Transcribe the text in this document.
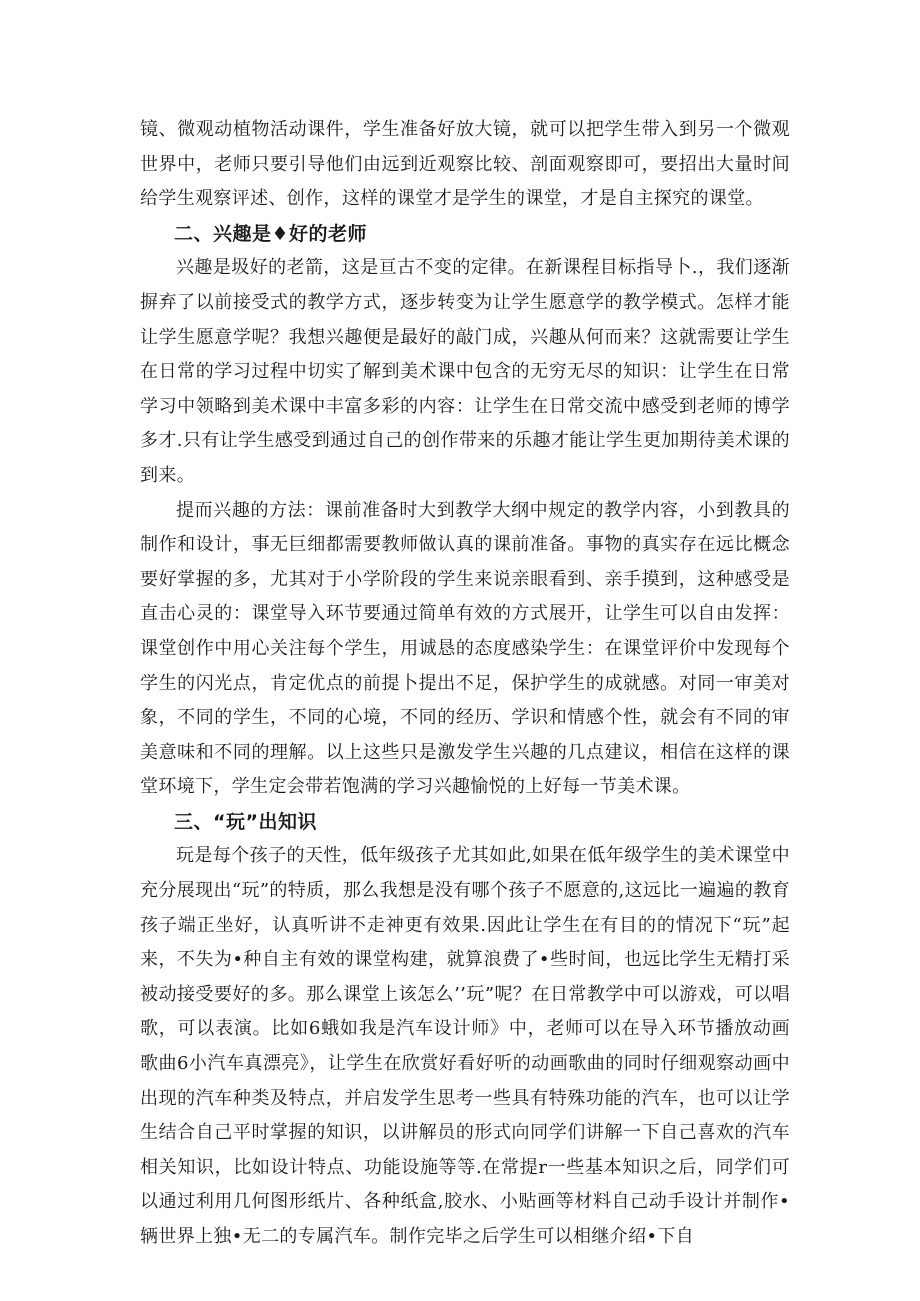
镜、微观动植物活动课件，学生准备好放大镜，就可以把学生带入到另一个微观世界中，老师只要引导他们由远到近观察比较、剖面观察即可，要招出大量时间给学生观察评述、创作，这样的课堂才是学生的课堂，才是自主探究的课堂。

二、兴趣是♦好的老师

兴趣是圾好的老箭，这是亘古不变的定律。在新课程目标指导卜.，我们逐渐摒弃了以前接受式的教学方式，逐步转变为让学生愿意学的教学模式。怎样才能让学生愿意学呢？我想兴趣便是最好的敲门成，兴趣从何而来？这就需要让学生在日常的学习过程中切实了解到美术课中包含的无穷无尽的知识：让学生在日常学习中领略到美术课中丰富多彩的内容：让学生在日常交流中感受到老师的博学多才.只有让学生感受到通过自己的创作带来的乐趣才能让学生更加期待美术课的到来。

提而兴趣的方法：课前准备时大到教学大纲中规定的教学内容，小到教具的制作和设计，事无巨细都需要教师做认真的课前准备。事物的真实存在远比概念要好掌握的多，尤其对于小学阶段的学生来说亲眼看到、亲手摸到，这种感受是直击心灵的：课堂导入环节要通过简单有效的方式展开，让学生可以自由发挥：课堂创作中用心关注每个学生，用诚恳的态度感染学生：在课堂评价中发现每个学生的闪光点，肯定优点的前提卜提出不足，保护学生的成就感。对同一审美对象，不同的学生，不同的心境，不同的经历、学识和情感个性，就会有不同的审美意味和不同的理解。以上这些只是激发学生兴趣的几点建议，相信在这样的课堂环境下，学生定会带若饱满的学习兴趣愉悦的上好每一节美术课。

三、“玩”出知识

玩是每个孩子的天性，低年级孩子尤其如此,如果在低年级学生的美术课堂中充分展现出“玩”的特质，那么我想是没有哪个孩子不愿意的,这远比一遍遍的教育孩子端正坐好，认真听讲不走神更有效果.因此让学生在有目的的情况下“玩”起来，不失为•种自主有效的课堂构建，就算浪费了•些时间，也远比学生无精打采被动接受要好的多。那么课堂上该怎么’’玩”呢？在日常教学中可以游戏，可以唱歌，可以表演。比如6蛾如我是汽车设计师》中，老师可以在导入环节播放动画歌曲6小汽车真漂亮》，让学生在欣赏好看好听的动画歌曲的同时仔细观察动画中出现的汽车种类及特点，并启发学生思考一些具有特殊功能的汽车，也可以让学生结合自己平时掌握的知识，以讲解员的形式向同学们讲解一下自己喜欢的汽车相关知识，比如设计特点、功能设施等等.在常提r一些基本知识之后，同学们可以通过利用几何图形纸片、各种纸盒,胶水、小贴画等材料自己动手设计并制作•辆世界上独•无二的专属汽车。制作完毕之后学生可以相继介绍•下自
